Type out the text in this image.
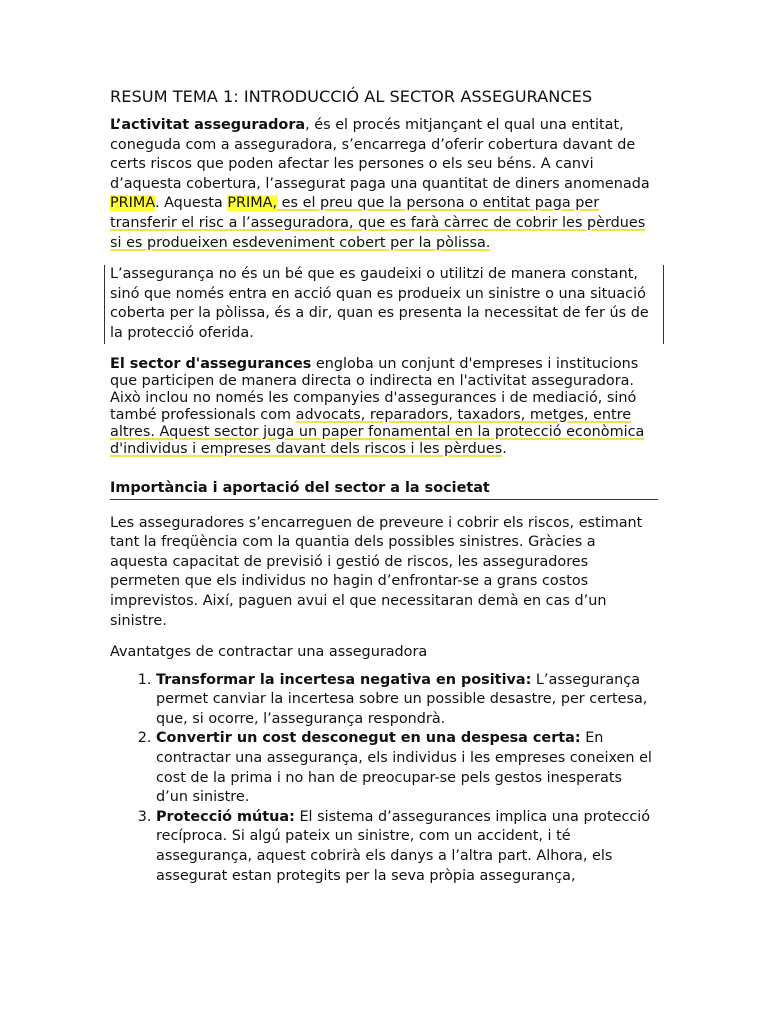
RESUM TEMA 1: INTRODUCCIÓ AL SECTOR ASSEGURANCES

L’activitat asseguradora, és el procés mitjançant el qual una entitat, coneguda com a asseguradora, s’encarrega d’oferir cobertura davant de certs riscos que poden afectar les persones o els seu béns. A canvi d’aquesta cobertura, l’assegurat paga una quantitat de diners anomenada PRIMA. Aquesta PRIMA, es el preu que la persona o entitat paga per transferir el risc a l’asseguradora, que es farà càrrec de cobrir les pèrdues si es produeixen esdeveniment cobert per la pòlissa.

L’assegurança no és un bé que es gaudeixi o utilitzi de manera constant, sinó que només entra en acció quan es produeix un sinistre o una situació coberta per la pòlissa, és a dir, quan es presenta la necessitat de fer ús de la protecció oferida.

El sector d'assegurances engloba un conjunt d'empreses i institucions que participen de manera directa o indirecta en l'activitat asseguradora. Això inclou no només les companyies d'assegurances i de mediació, sinó també professionals com advocats, reparadors, taxadors, metges, entre altres. Aquest sector juga un paper fonamental en la protecció econòmica d'individus i empreses davant dels riscos i les pèrdues.

Importància i aportació del sector a la societat

Les asseguradores s’encarreguen de preveure i cobrir els riscos, estimant tant la freqüència com la quantia dels possibles sinistres. Gràcies a aquesta capacitat de previsió i gestió de riscos, les asseguradores permeten que els individus no hagin d’enfrontar-se a grans costos imprevistos. Així, paguen avui el que necessitaran demà en cas d’un sinistre.

Avantatges de contractar una asseguradora

1. Transformar la incertesa negativa en positiva: L’assegurança permet canviar la incertesa sobre un possible desastre, per certesa, que, si ocorre, l’assegurança respondrà.
2. Convertir un cost desconegut en una despesa certa: En contractar una assegurança, els individus i les empreses coneixen el cost de la prima i no han de preocupar-se pels gestos inesperats d’un sinistre.
3. Protecció mútua: El sistema d’assegurances implica una protecció recíproca. Si algú pateix un sinistre, com un accident, i té assegurança, aquest cobrirà els danys a l’altra part. Alhora, els assegurat estan protegits per la seva pròpia assegurança,
